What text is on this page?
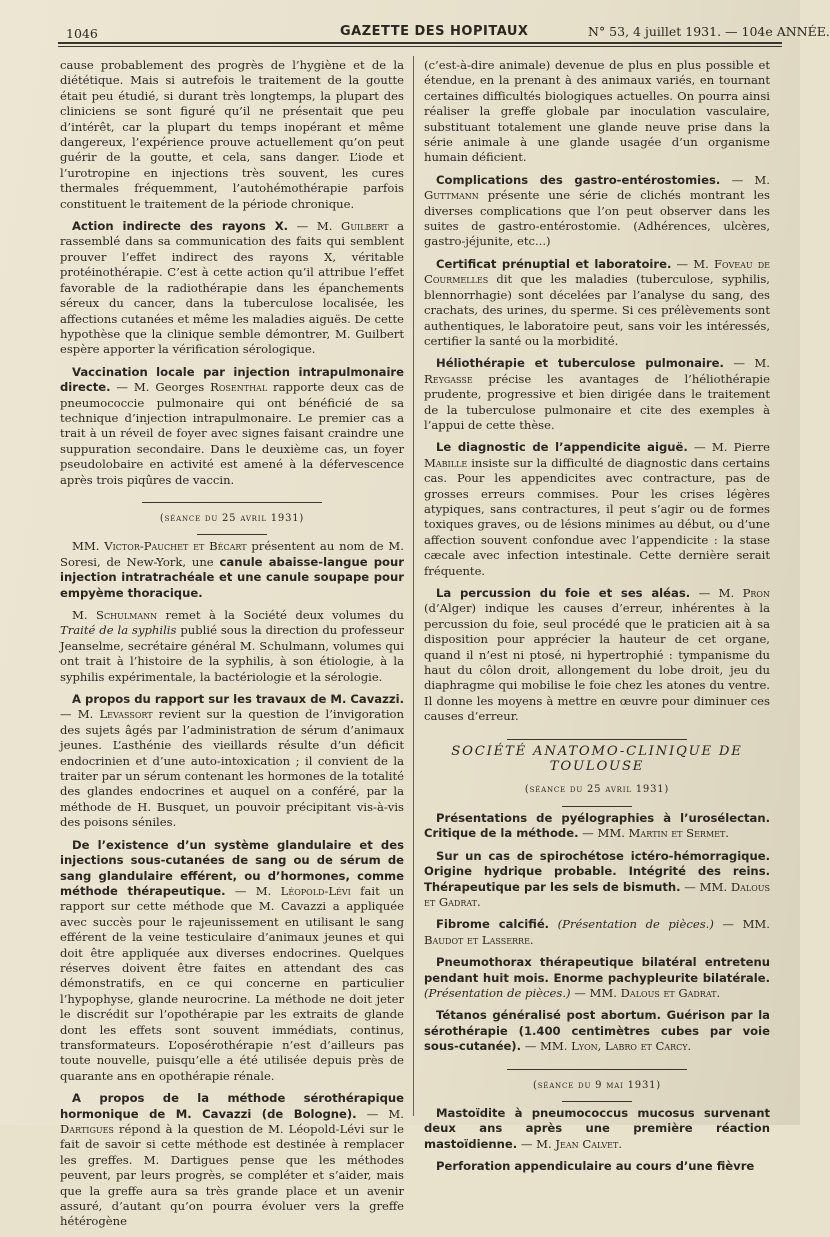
1046	GAZETTE DES HOPITAUX	N° 53, 4 juillet 1931. — 104e ANNÉE.

cause probablement des progrès de l’hygiène et de la diététique. Mais si autrefois le traitement de la goutte était peu étudié, si durant très longtemps, la plupart des cliniciens se sont figuré qu’il ne présentait que peu d’intérêt, car la plupart du temps inopérant et même dangereux, l’expérience prouve actuellement qu’on peut guérir de la goutte, et cela, sans danger. L’iode et l’urotropine en injections très souvent, les cures thermales fréquemment, l’autohémothérapie parfois constituent le traitement de la période chronique.

Action indirecte des rayons X. — M. Guilbert a rassemblé dans sa communication des faits qui semblent prouver l’effet indirect des rayons X, véritable protéinothérapie. C’est à cette action qu’il attribue l’effet favorable de la radiothérapie dans les épanchements séreux du cancer, dans la tuberculose localisée, les affections cutanées et même les maladies aiguës. De cette hypothèse que la clinique semble démontrer, M. Guilbert espère apporter la vérification sérologique.

Vaccination locale par injection intrapulmonaire directe. — M. Georges Rosenthal rapporte deux cas de pneumococcie pulmonaire qui ont bénéficié de sa technique d’injection intrapulmonaire. Le premier cas a trait à un réveil de foyer avec signes faisant craindre une suppuration secondaire. Dans le deuxième cas, un foyer pseudolobaire en activité est amené à la défervescence après trois piqûres de vaccin.

(séance du 25 avril 1931)

MM. Victor-Pauchet et Bécart présentent au nom de M. Soresi, de New-York, une canule abaisse-langue pour injection intratrachéale et une canule soupape pour empyème thoracique.

M. Schulmann remet à la Société deux volumes du Traité de la syphilis publié sous la direction du professeur Jeanselme, secrétaire général M. Schulmann, volumes qui ont trait à l’histoire de la syphilis, à son étiologie, à la syphilis expérimentale, la bactériologie et la sérologie.

A propos du rapport sur les travaux de M. Cavazzi. — M. Levassort revient sur la question de l’invigoration des sujets âgés par l’administration de sérum d’animaux jeunes. L’asthénie des vieillards résulte d’un déficit endocrinien et d’une auto-intoxication ; il convient de la traiter par un sérum contenant les hormones de la totalité des glandes endocrines et auquel on a conféré, par la méthode de H. Busquet, un pouvoir précipitant vis-à-vis des poisons séniles.

De l’existence d’un système glandulaire et des injections sous-cutanées de sang ou de sérum de sang glandulaire efférent, ou d’hormones, comme méthode thérapeutique. — M. Léopold-Lévi fait un rapport sur cette méthode que M. Cavazzi a appliquée avec succès pour le rajeunissement en utilisant le sang efférent de la veine testiculaire d’animaux jeunes et qui doit être appliquée aux diverses endocrines. Quelques réserves doivent être faites en attendant des cas démonstratifs, en ce qui concerne en particulier l’hypophyse, glande neurocrine. La méthode ne doit jeter le discrédit sur l’opothérapie par les extraits de glande dont les effets sont souvent immédiats, continus, transformateurs. L’oposérothérapie n’est d’ailleurs pas toute nouvelle, puisqu’elle a été utilisée depuis près de quarante ans en opothérapie rénale.

A propos de la méthode sérothérapique hormonique de M. Cavazzi (de Bologne). — M. Dartigues répond à la question de M. Léopold-Lévi sur le fait de savoir si cette méthode est destinée à remplacer les greffes. M. Dartigues pense que les méthodes peuvent, par leurs progrès, se compléter et s’aider, mais que la greffe aura sa très grande place et un avenir assuré, d’autant qu’on pourra évoluer vers la greffe hétérogène

(c’est-à-dire animale) devenue de plus en plus possible et étendue, en la prenant à des animaux variés, en tournant certaines difficultés biologiques actuelles. On pourra ainsi réaliser la greffe globale par inoculation vasculaire, substituant totalement une glande neuve prise dans la série animale à une glande usagée d’un organisme humain déficient.

Complications des gastro-entérostomies. — M. Guttmann présente une série de clichés montrant les diverses complications que l’on peut observer dans les suites de gastro-entérostomie. (Adhérences, ulcères, gastro-jéjunite, etc...)

Certificat prénuptial et laboratoire. — M. Foveau de Courmelles dit que les maladies (tuberculose, syphilis, blennorrhagie) sont décelées par l’analyse du sang, des crachats, des urines, du sperme. Si ces prélèvements sont authentiques, le laboratoire peut, sans voir les intéressés, certifier la santé ou la morbidité.

Héliothérapie et tuberculose pulmonaire. — M. Reygasse précise les avantages de l’héliothérapie prudente, progressive et bien dirigée dans le traitement de la tuberculose pulmonaire et cite des exemples à l’appui de cette thèse.

Le diagnostic de l’appendicite aiguë. — M. Pierre Mabille insiste sur la difficulté de diagnostic dans certains cas. Pour les appendicites avec contracture, pas de grosses erreurs commises. Pour les crises légères atypiques, sans contractures, il peut s’agir ou de formes toxiques graves, ou de lésions minimes au début, ou d’une affection souvent confondue avec l’appendicite : la stase cæcale avec infection intestinale. Cette dernière serait fréquente.

La percussion du foie et ses aléas. — M. Pron (d’Alger) indique les causes d’erreur, inhérentes à la percussion du foie, seul procédé que le praticien ait à sa disposition pour apprécier la hauteur de cet organe, quand il n’est ni ptosé, ni hypertrophié : tympanisme du haut du côlon droit, allongement du lobe droit, jeu du diaphragme qui mobilise le foie chez les atones du ventre. Il donne les moyens à mettre en œuvre pour diminuer ces causes d’erreur.

SOCIÉTÉ ANATOMO-CLINIQUE DE TOULOUSE
(séance du 25 avril 1931)

Présentations de pyélographies à l’urosélectan. Critique de la méthode. — MM. Martin et Sermet.

Sur un cas de spirochétose ictéro-hémorragique. Origine hydrique probable. Intégrité des reins. Thérapeutique par les sels de bismuth. — MM. Dalous et Gadrat.

Fibrome calcifié. (Présentation de pièces.) — MM. Baudot et Lasserre.

Pneumothorax thérapeutique bilatéral entretenu pendant huit mois. Enorme pachypleurite bilatérale. (Présentation de pièces.) — MM. Dalous et Gadrat.

Tétanos généralisé post abortum. Guérison par la sérothérapie (1.400 centimètres cubes par voie sous-cutanée). — MM. Lyon, Labro et Carcy.

(séance du 9 mai 1931)

Mastoïdite à pneumococcus mucosus survenant deux ans après une première réaction mastoïdienne. — M. Jean Calvet.

Perforation appendiculaire au cours d’une fièvre
